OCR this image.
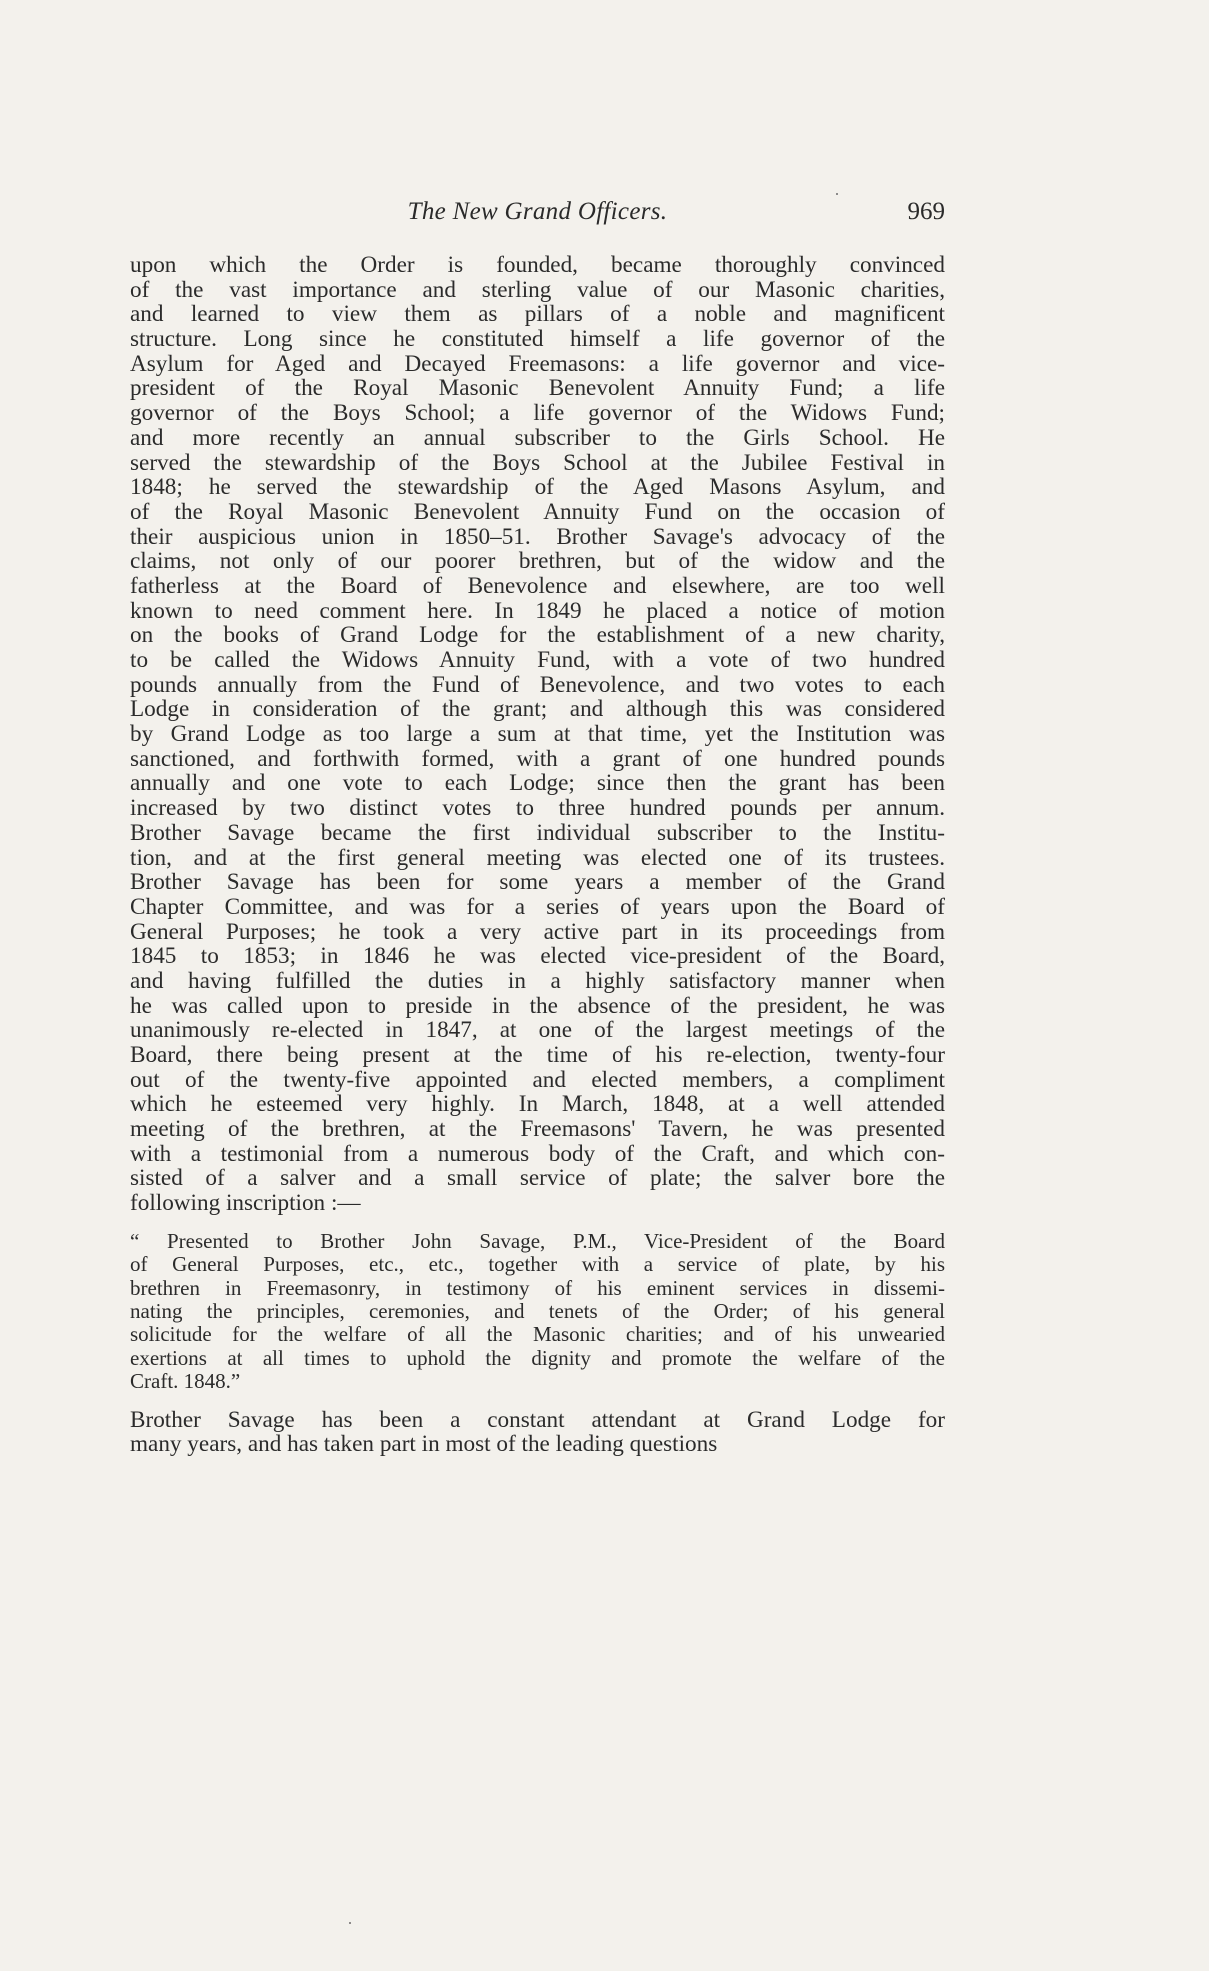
The New Grand Officers.	969
upon which the Order is founded, became thoroughly convinced
of the vast importance and sterling value of our Masonic charities,
and learned to view them as pillars of a noble and magnificent
structure. Long since he constituted himself a life governor of the
Asylum for Aged and Decayed Freemasons: a life governor and vice-
president of the Royal Masonic Benevolent Annuity Fund; a life
governor of the Boys School; a life governor of the Widows Fund;
and more recently an annual subscriber to the Girls School. He
served the stewardship of the Boys School at the Jubilee Festival in
1848; he served the stewardship of the Aged Masons Asylum, and
of the Royal Masonic Benevolent Annuity Fund on the occasion of
their auspicious union in 1850–51. Brother Savage's advocacy of the
claims, not only of our poorer brethren, but of the widow and the
fatherless at the Board of Benevolence and elsewhere, are too well
known to need comment here. In 1849 he placed a notice of motion
on the books of Grand Lodge for the establishment of a new charity,
to be called the Widows Annuity Fund, with a vote of two hundred
pounds annually from the Fund of Benevolence, and two votes to each
Lodge in consideration of the grant; and although this was considered
by Grand Lodge as too large a sum at that time, yet the Institution was
sanctioned, and forthwith formed, with a grant of one hundred pounds
annually and one vote to each Lodge; since then the grant has been
increased by two distinct votes to three hundred pounds per annum.
Brother Savage became the first individual subscriber to the Institu-
tion, and at the first general meeting was elected one of its trustees.
Brother Savage has been for some years a member of the Grand
Chapter Committee, and was for a series of years upon the Board of
General Purposes; he took a very active part in its proceedings from
1845 to 1853; in 1846 he was elected vice-president of the Board,
and having fulfilled the duties in a highly satisfactory manner when
he was called upon to preside in the absence of the president, he was
unanimously re-elected in 1847, at one of the largest meetings of the
Board, there being present at the time of his re-election, twenty-four
out of the twenty-five appointed and elected members, a compliment
which he esteemed very highly. In March, 1848, at a well attended
meeting of the brethren, at the Freemasons' Tavern, he was presented
with a testimonial from a numerous body of the Craft, and which con-
sisted of a salver and a small service of plate; the salver bore the
following inscription :—
“ Presented to Brother John Savage, P.M., Vice-President of the Board
of General Purposes, etc., etc., together with a service of plate, by his
brethren in Freemasonry, in testimony of his eminent services in dissemi-
nating the principles, ceremonies, and tenets of the Order; of his general
solicitude for the welfare of all the Masonic charities; and of his unwearied
exertions at all times to uphold the dignity and promote the welfare of the
Craft. 1848.”
Brother Savage has been a constant attendant at Grand Lodge for
many years, and has taken part in most of the leading questions
